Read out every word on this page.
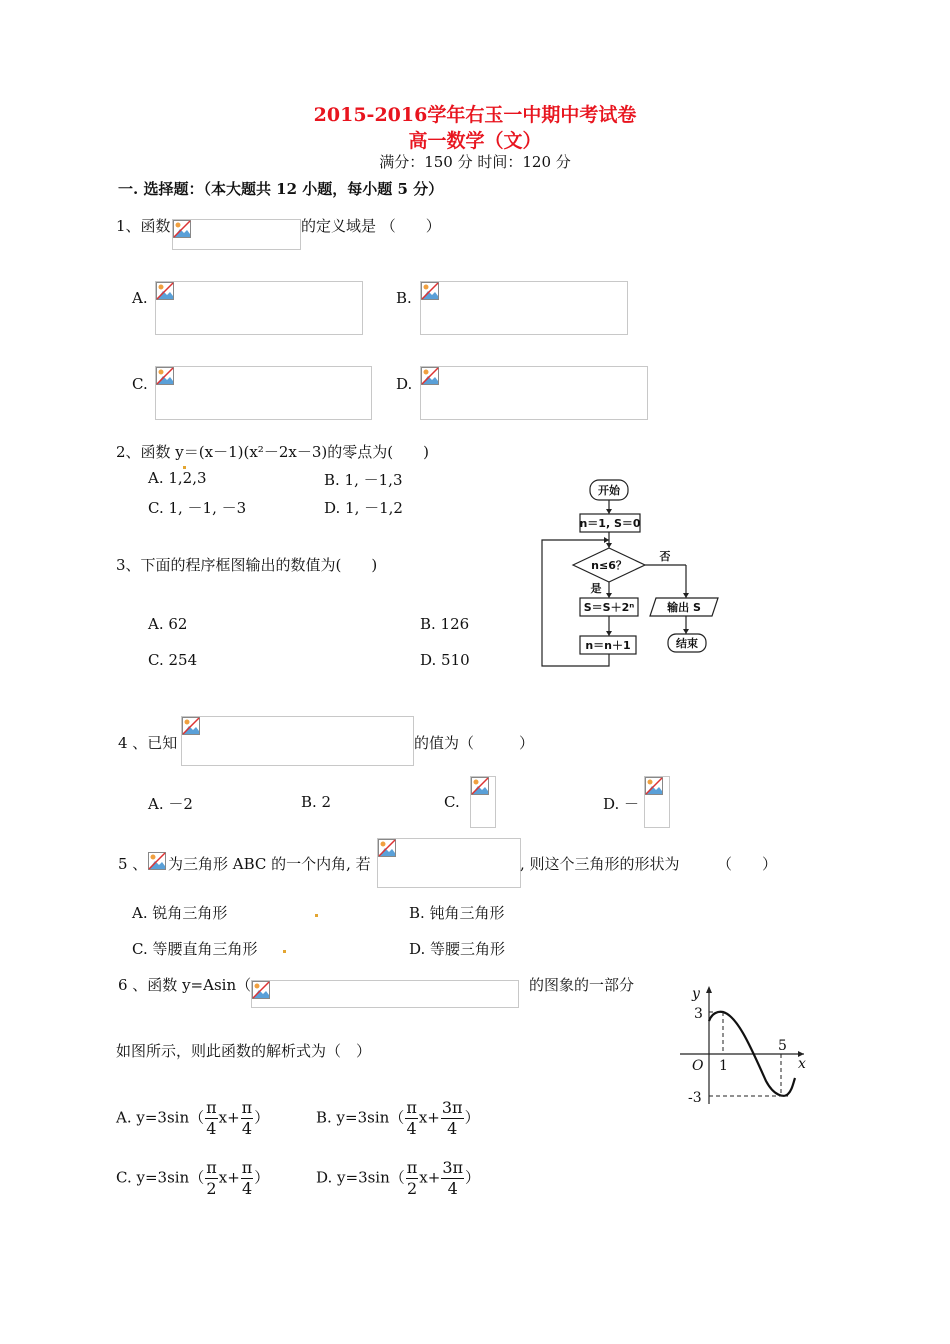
2015-2016学年右玉一中期中考试卷
高一数学（文）
满分：150 分 时间：120 分
一. 选择题：（本大题共 12 小题，每小题 5 分）
1、函数	的定义域是 （　　）
A.	B.
C.	D.
2、函数 y＝(x－1)(x²－2x－3)的零点为(　　)
A. 1,2,3	B. 1, －1,3
C. 1, －1, －3	D. 1, －1,2
3、下面的程序框图输出的数值为(　　)
A. 62	B. 126
C. 254	D. 510
开始
n＝1, S＝0
n≤6？
否
是
S＝S＋2ⁿ
n＝n＋1
输出 S
结束
4 、已知	的值为（　　　）
A. －2	B. 2	C.	D. －
5 、 为三角形 ABC 的一个内角, 若	, 则这个三角形的形状为　　　（　　）
A. 锐角三角形	B. 钝角三角形
C. 等腰直角三角形	D. 等腰三角形
6 、函数 y=Asin（	的图象的一部分
如图所示，则此函数的解析式为（　）
y
x
O
3
-3
1
5
A. $y=3\sin( \frac{\pi}{4} x+ \frac{\pi}{4}$ ）	B. $y=3\sin( \frac{\pi}{4} x+ \frac{3\pi}{4}$ ）
C. $y=3\sin( \frac{\pi}{2} x+ \frac{\pi}{4}$ ）	D. $y=3\sin( \frac{\pi}{2} x+ \frac{3\pi}{4}$ ）
